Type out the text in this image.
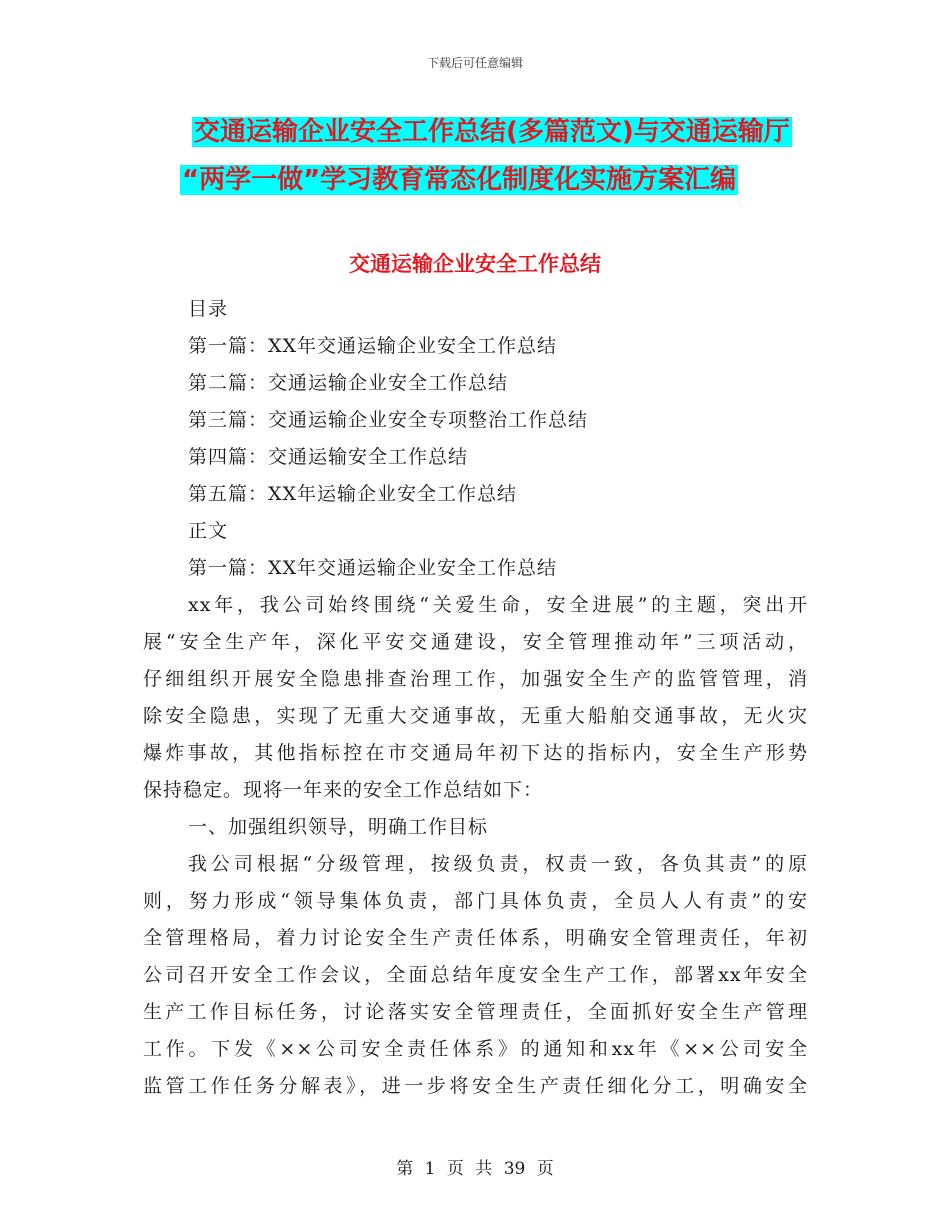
下载后可任意编辑
交通运输企业安全工作总结(多篇范文)与交通运输厅
“两学一做”学习教育常态化制度化实施方案汇编
交通运输企业安全工作总结
目录
第一篇：XX年交通运输企业安全工作总结
第二篇：交通运输企业安全工作总结
第三篇：交通运输企业安全专项整治工作总结
第四篇：交通运输安全工作总结
第五篇：XX年运输企业安全工作总结
正文
第一篇：XX年交通运输企业安全工作总结
xx年，我公司始终围绕“关爱生命，安全进展”的主题，突出开
展“安全生产年，深化平安交通建设，安全管理推动年”三项活动，
仔细组织开展安全隐患排查治理工作，加强安全生产的监管管理，消
除安全隐患，实现了无重大交通事故，无重大船舶交通事故，无火灾
爆炸事故，其他指标控在市交通局年初下达的指标内，安全生产形势
保持稳定。现将一年来的安全工作总结如下：
一、加强组织领导，明确工作目标
我公司根据“分级管理，按级负责，权责一致，各负其责”的原
则，努力形成“领导集体负责，部门具体负责，全员人人有责”的安
全管理格局，着力讨论安全生产责任体系，明确安全管理责任，年初
公司召开安全工作会议，全面总结年度安全生产工作，部署xx年安全
生产工作目标任务，讨论落实安全管理责任，全面抓好安全生产管理
工作。下发《××公司安全责任体系》的通知和xx年《××公司安全
监管工作任务分解表》，进一步将安全生产责任细化分工，明确安全
第 1 页 共 39 页
